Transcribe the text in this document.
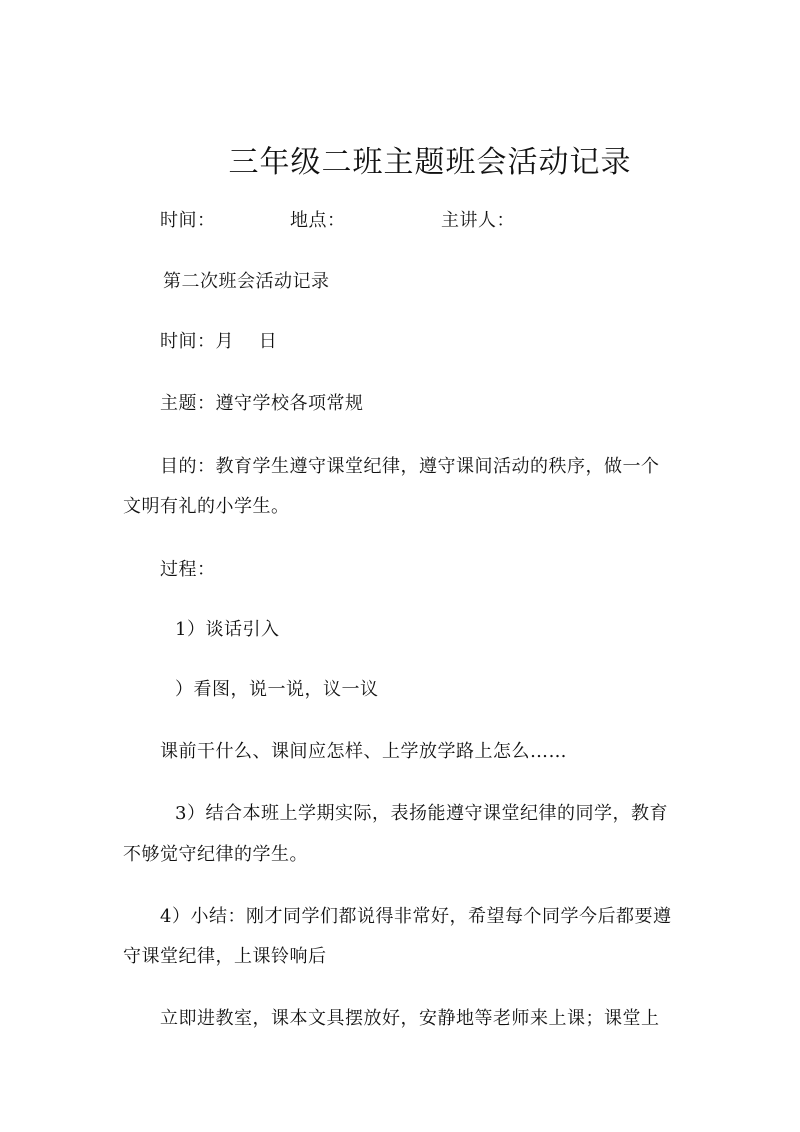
三年级二班主题班会活动记录
时间：	地点：	主讲人：
第二次班会活动记录
时间：月　 日
主题：遵守学校各项常规
目的：教育学生遵守课堂纪律，遵守课间活动的秩序，做一个
文明有礼的小学生。
过程：
1）谈话引入
）看图，说一说，议一议
课前干什么、课间应怎样、上学放学路上怎么……
3）结合本班上学期实际，表扬能遵守课堂纪律的同学，教育
不够觉守纪律的学生。
4）小结：刚才同学们都说得非常好，希望每个同学今后都要遵
守课堂纪律，上课铃响后
立即进教室，课本文具摆放好，安静地等老师来上课；课堂上
